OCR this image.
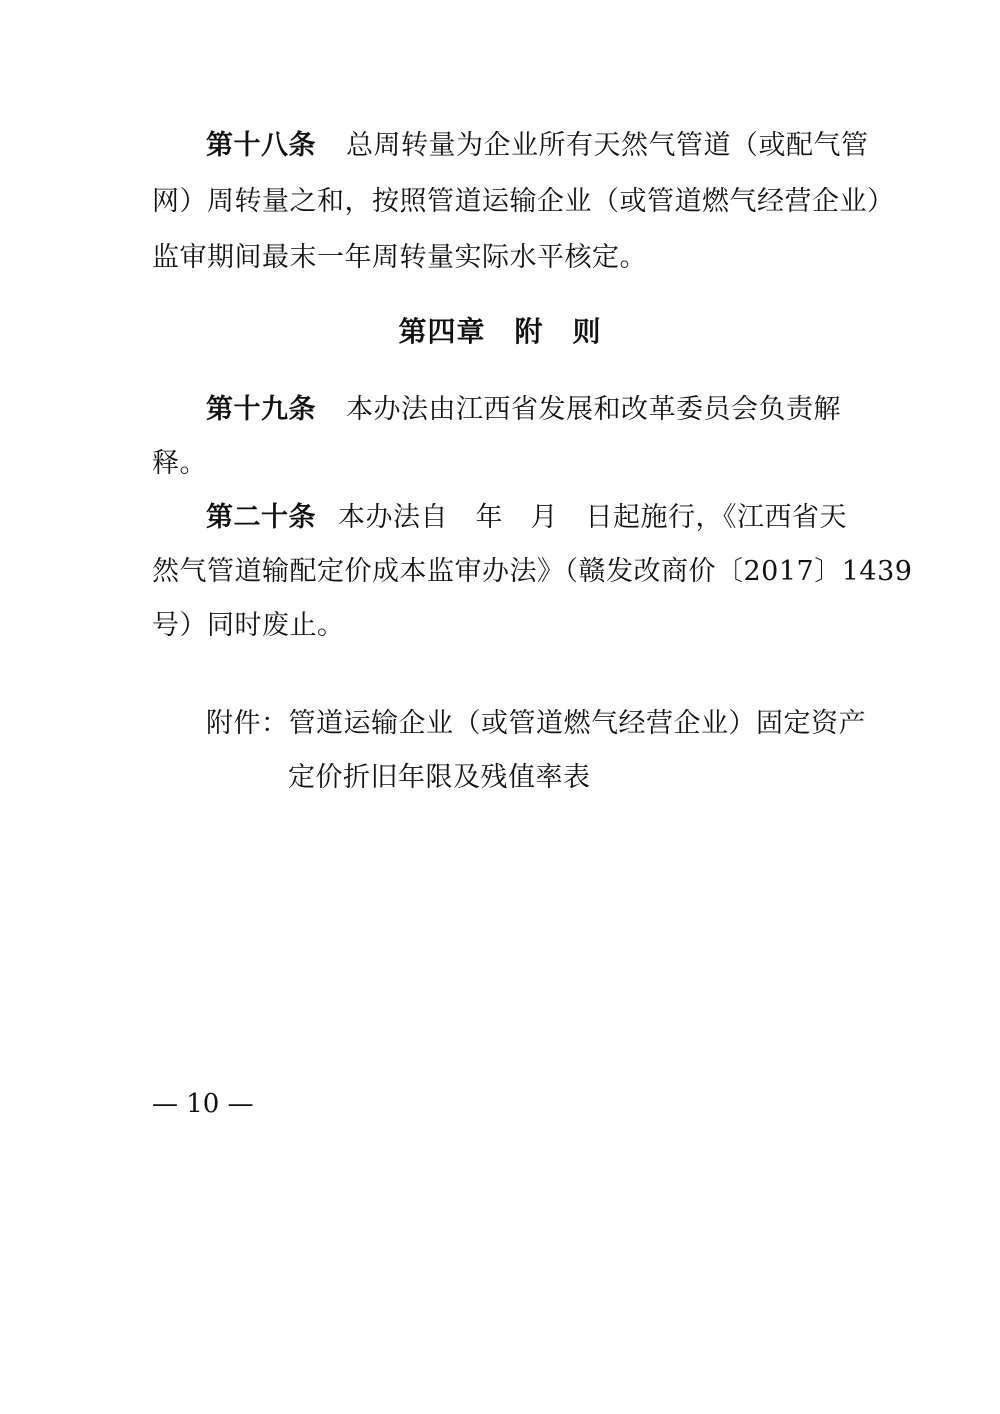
第十八条 总周转量为企业所有天然气管道（或配气管
网）周转量之和，按照管道运输企业（或管道燃气经营企业）
监审期间最末一年周转量实际水平核定。
第四章　附　则
第十九条 本办法由江西省发展和改革委员会负责解
释。
第二十条 本办法自　年　月　日起施行，《江西省天
然气管道输配定价成本监审办法》（赣发改商价〔2017〕1439
号）同时废止。
附件：管道运输企业（或管道燃气经营企业）固定资产
定价折旧年限及残值率表
— 10 —
